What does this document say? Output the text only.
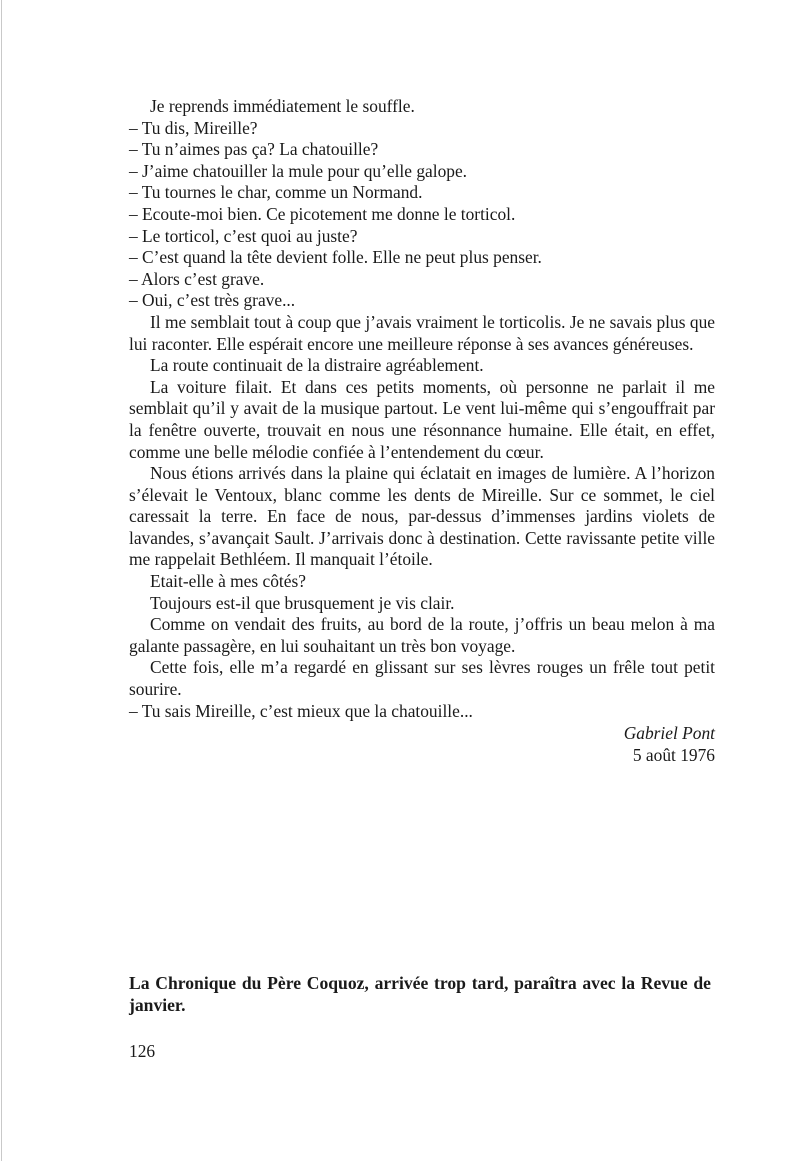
Je reprends immédiatement le souffle.
– Tu dis, Mireille?
– Tu n’aimes pas ça? La chatouille?
– J’aime chatouiller la mule pour qu’elle galope.
– Tu tournes le char, comme un Normand.
– Ecoute-moi bien. Ce picotement me donne le torticol.
– Le torticol, c’est quoi au juste?
– C’est quand la tête devient folle. Elle ne peut plus penser.
– Alors c’est grave.
– Oui, c’est très grave...

Il me semblait tout à coup que j’avais vraiment le torticolis. Je ne savais plus que lui raconter. Elle espérait encore une meilleure réponse à ses avances généreuses.

La route continuait de la distraire agréablement.

La voiture filait. Et dans ces petits moments, où personne ne parlait il me semblait qu’il y avait de la musique partout. Le vent lui-même qui s’engouffrait par la fenêtre ouverte, trouvait en nous une résonnance humaine. Elle était, en effet, comme une belle mélodie confiée à l’entendement du cœur.

Nous étions arrivés dans la plaine qui éclatait en images de lumière. A l’horizon s’élevait le Ventoux, blanc comme les dents de Mireille. Sur ce sommet, le ciel caressait la terre. En face de nous, par-dessus d’immenses jardins violets de lavandes, s’avançait Sault. J’arrivais donc à destination. Cette ravissante petite ville me rappelait Bethléem. Il manquait l’étoile.

Etait-elle à mes côtés?

Toujours est-il que brusquement je vis clair.

Comme on vendait des fruits, au bord de la route, j’offris un beau melon à ma galante passagère, en lui souhaitant un très bon voyage.

Cette fois, elle m’a regardé en glissant sur ses lèvres rouges un frêle tout petit sourire.

– Tu sais Mireille, c’est mieux que la chatouille...
Gabriel Pont
5 août 1976
La Chronique du Père Coquoz, arrivée trop tard, paraîtra avec la Revue de janvier.
126
